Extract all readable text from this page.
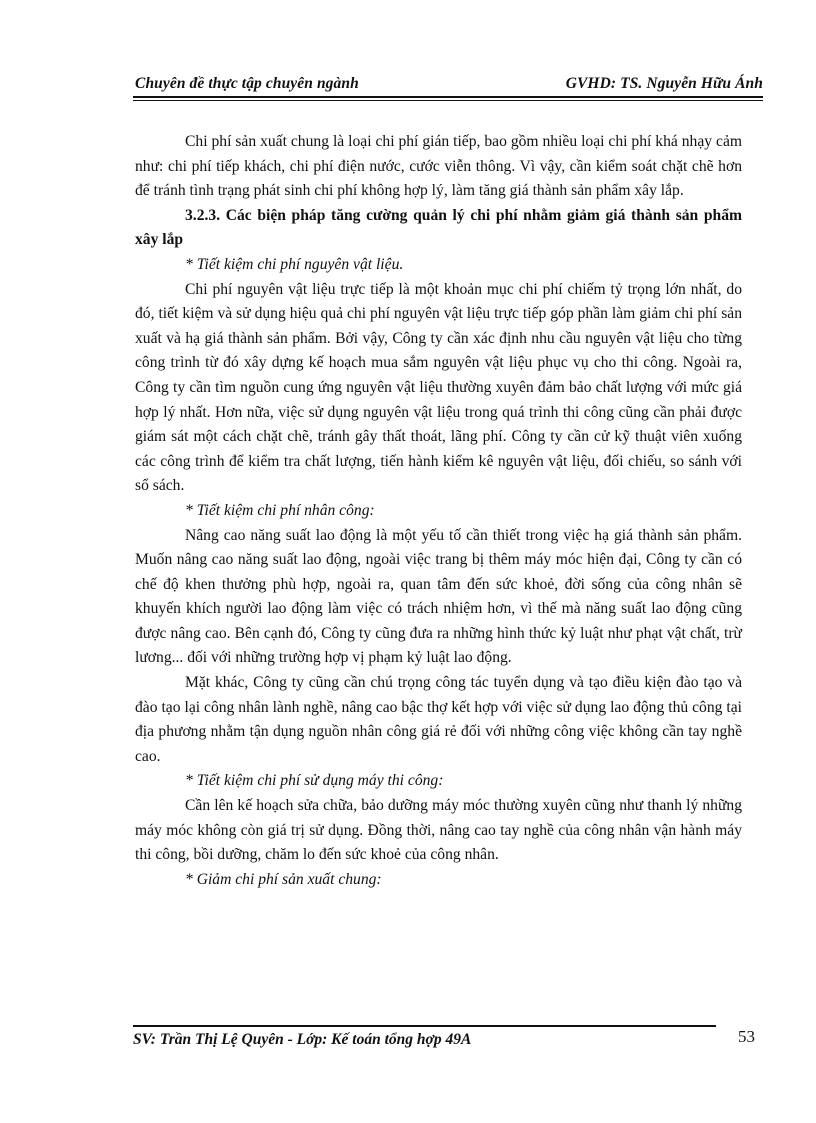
Chuyên đề thực tập chuyên ngành	GVHD: TS. Nguyễn Hữu Ánh

Chi phí sản xuất chung là loại chi phí gián tiếp, bao gồm nhiều loại chi phí khá nhạy cảm như: chi phí tiếp khách, chi phí điện nước, cước viễn thông. Vì vậy, cần kiểm soát chặt chẽ hơn để tránh tình trạng phát sinh chi phí không hợp lý, làm tăng giá thành sản phẩm xây lắp.

3.2.3. Các biện pháp tăng cường quản lý chi phí nhằm giảm giá thành sản phẩm xây lắp

* Tiết kiệm chi phí nguyên vật liệu.

Chi phí nguyên vật liệu trực tiếp là một khoản mục chi phí chiếm tỷ trọng lớn nhất, do đó, tiết kiệm và sử dụng hiệu quả chi phí nguyên vật liệu trực tiếp góp phần làm giảm chi phí sản xuất và hạ giá thành sản phẩm. Bởi vậy, Công ty cần xác định nhu cầu nguyên vật liệu cho từng công trình từ đó xây dựng kế hoạch mua sắm nguyên vật liệu phục vụ cho thi công. Ngoài ra, Công ty cần tìm nguồn cung ứng nguyên vật liệu thường xuyên đảm bảo chất lượng với mức giá hợp lý nhất. Hơn nữa, việc sử dụng nguyên vật liệu trong quá trình thi công cũng cần phải được giám sát một cách chặt chẽ, tránh gây thất thoát, lãng phí. Công ty cần cử kỹ thuật viên xuống các công trình để kiểm tra chất lượng, tiến hành kiểm kê nguyên vật liệu, đối chiếu, so sánh với sổ sách.

* Tiết kiệm chi phí nhân công:

Nâng cao năng suất lao động là một yếu tố cần thiết trong việc hạ giá thành sản phẩm. Muốn nâng cao năng suất lao động, ngoài việc trang bị thêm máy móc hiện đại, Công ty cần có chế độ khen thưởng phù hợp, ngoài ra, quan tâm đến sức khoẻ, đời sống của công nhân sẽ khuyến khích người lao động làm việc có trách nhiệm hơn, vì thế mà năng suất lao động cũng được nâng cao. Bên cạnh đó, Công ty cũng đưa ra những hình thức kỷ luật như phạt vật chất, trừ lương... đối với những trường hợp vị phạm kỷ luật lao động.

Mặt khác, Công ty cũng cần chú trọng công tác tuyển dụng và tạo điều kiện đào tạo và đào tạo lại công nhân lành nghề, nâng cao bậc thợ kết hợp với việc sử dụng lao động thủ công tại địa phương nhằm tận dụng nguồn nhân công giá rẻ đối với những công việc không cần tay nghề cao.

* Tiết kiệm chi phí sử dụng máy thi công:

Cần lên kế hoạch sửa chữa, bảo dưỡng máy móc thường xuyên cũng như thanh lý những máy móc không còn giá trị sử dụng. Đồng thời, nâng cao tay nghề của công nhân vận hành máy thi công, bồi dưỡng, chăm lo đến sức khoẻ của công nhân.

* Giảm chi phí sản xuất chung:

SV: Trần Thị Lệ Quyên - Lớp: Kế toán tổng hợp 49A	53
